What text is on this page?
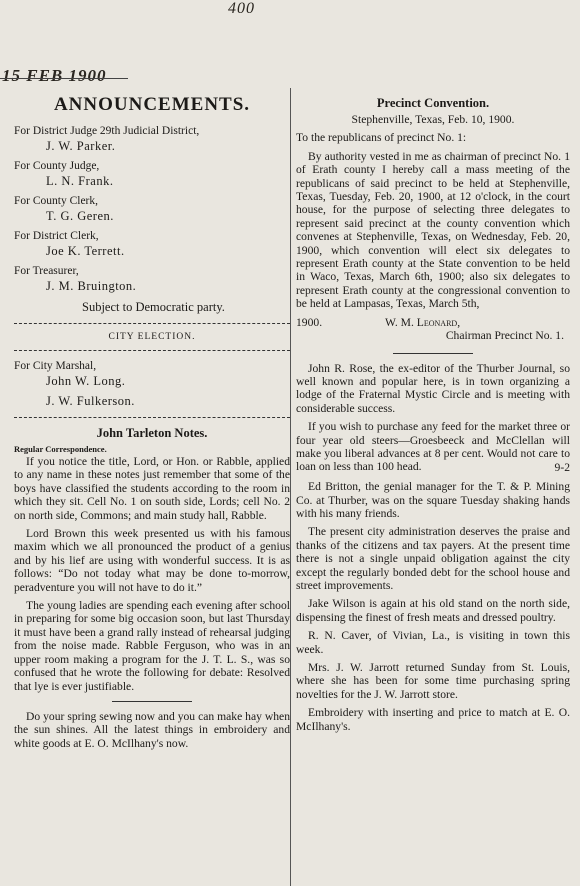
400
15 FEB 1900
ANNOUNCEMENTS.
For District Judge 29th Judicial District,
J. W. Parker.
For County Judge,
L. N. Frank.
For County Clerk,
T. G. Geren.
For District Clerk,
Joe K. Terrett.
For Treasurer,
J. M. Bruington.
Subject to Democratic party.
CITY ELECTION.
For City Marshal,
John W. Long.
J. W. Fulkerson.
John Tarleton Notes.
Regular Correspondence.

If you notice the title, Lord, or Hon. or Rabble, applied to any name in these notes just remember that some of the boys have classified the students according to the room in which they sit. Cell No. 1 on south side, Lords; cell No. 2 on north side, Commons; and main study hall, Rabble.

Lord Brown this week presented us with his famous maxim which we all pronounced the product of a genius and by his lief are using with wonderful success. It is as follows: “Do not today what may be done to-morrow, peradventure you will not have to do it.”

The young ladies are spending each evening after school in preparing for some big occasion soon, but last Thursday it must have been a grand rally instead of rehearsal judging from the noise made. Rabble Ferguson, who was in an upper room making a program for the J. T. L. S., was so confused that he wrote the following for debate: Resolved that lye is ever justifiable.

Do your spring sewing now and you can make hay when the sun shines. All the latest things in embroidery and white goods at E. O. McIlhany's now.

Precinct Convention.

Stephenville, Texas, Feb. 10, 1900.

To the republicans of precinct No. 1:

By authority vested in me as chairman of precinct No. 1 of Erath county I hereby call a mass meeting of the republicans of said precinct to be held at Stephenville, Texas, Tuesday, Feb. 20, 1900, at 12 o'clock, in the court house, for the purpose of selecting three delegates to represent said precinct at the county convention which convenes at Stephenville, Texas, on Wednesday, Feb. 20, 1900, which convention will elect six delegates to represent Erath county at the State convention to be held in Waco, Texas, March 6th, 1900; also six delegates to represent Erath county at the congressional convention to be held at Lampasas, Texas, March 5th,

1900.	W. M. Leonard,
Chairman Precinct No. 1.

John R. Rose, the ex-editor of the Thurber Journal, so well known and popular here, is in town organizing a lodge of the Fraternal Mystic Circle and is meeting with considerable success.

If you wish to purchase any feed for the market three or four year old steers—Groesbeeck and McClellan will make you liberal advances at 8 per cent. Would not care to loan on less than 100 head.	9-2

Ed Britton, the genial manager for the T. & P. Mining Co. at Thurber, was on the square Tuesday shaking hands with his many friends.

The present city administration deserves the praise and thanks of the citizens and tax payers. At the present time there is not a single unpaid obligation against the city except the regularly bonded debt for the school house and street improvements.

Jake Wilson is again at his old stand on the north side, dispensing the finest of fresh meats and dressed poultry.

R. N. Caver, of Vivian, La., is visiting in town this week.

Mrs. J. W. Jarrott returned Sunday from St. Louis, where she has been for some time purchasing spring novelties for the J. W. Jarrott store.

Embroidery with inserting and price to match at E. O. McIlhany's.
